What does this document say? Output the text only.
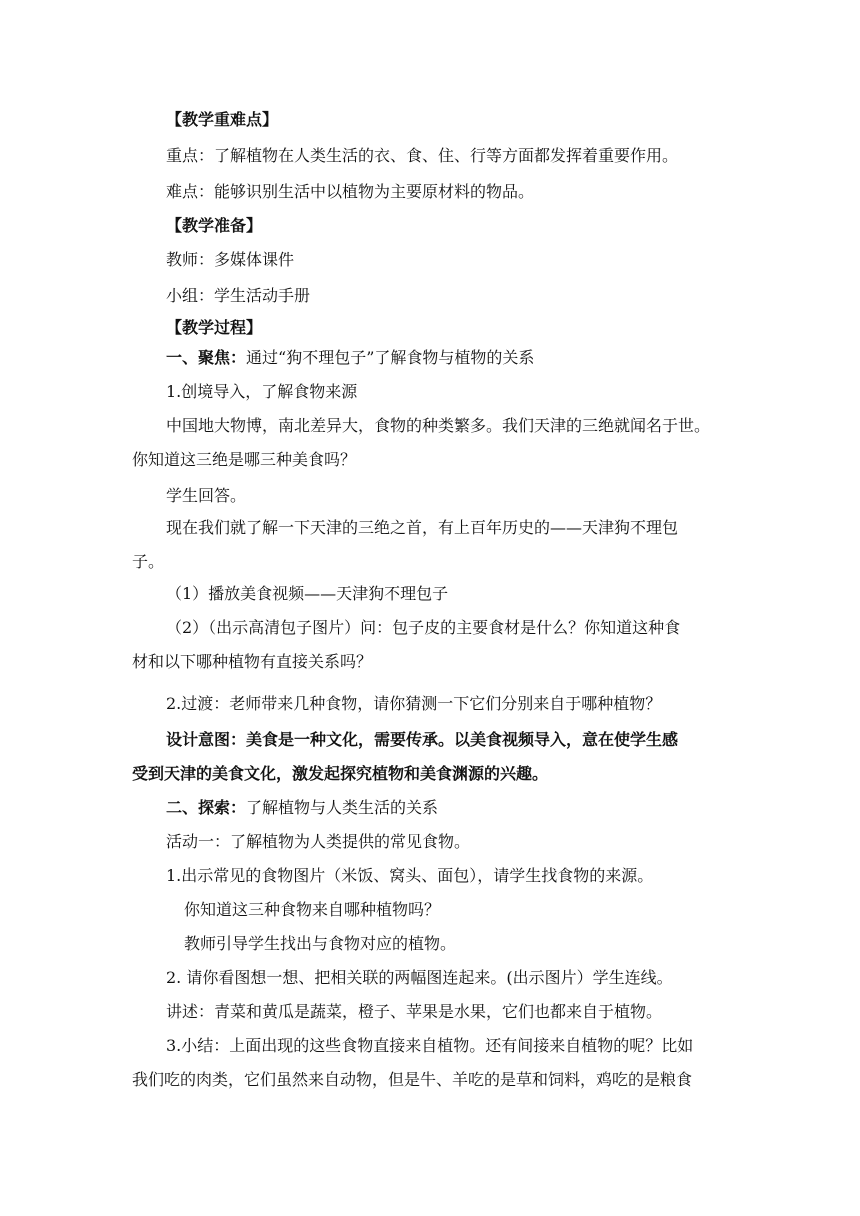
【教学重难点】
重点：了解植物在人类生活的衣、食、住、行等方面都发挥着重要作用。
难点：能够识别生活中以植物为主要原材料的物品。
【教学准备】
教师：多媒体课件
小组：学生活动手册
【教学过程】
一、聚焦：通过“狗不理包子”了解食物与植物的关系
1.创境导入，了解食物来源
中国地大物博，南北差异大，食物的种类繁多。我们天津的三绝就闻名于世。
你知道这三绝是哪三种美食吗？
学生回答。
现在我们就了解一下天津的三绝之首，有上百年历史的——天津狗不理包
子。
（1）播放美食视频——天津狗不理包子
（2）（出示高清包子图片）问：包子皮的主要食材是什么？你知道这种食
材和以下哪种植物有直接关系吗？
2.过渡：老师带来几种食物，请你猜测一下它们分别来自于哪种植物？
设计意图：美食是一种文化，需要传承。以美食视频导入，意在使学生感
受到天津的美食文化，激发起探究植物和美食渊源的兴趣。
二、探索：了解植物与人类生活的关系
活动一：了解植物为人类提供的常见食物。
1.出示常见的食物图片（米饭、窝头、面包），请学生找食物的来源。
你知道这三种食物来自哪种植物吗？
教师引导学生找出与食物对应的植物。
2. 请你看图想一想、把相关联的两幅图连起来。(出示图片）学生连线。
讲述：青菜和黄瓜是蔬菜，橙子、苹果是水果，它们也都来自于植物。
3.小结：上面出现的这些食物直接来自植物。还有间接来自植物的呢？比如
我们吃的肉类，它们虽然来自动物，但是牛、羊吃的是草和饲料，鸡吃的是粮食
